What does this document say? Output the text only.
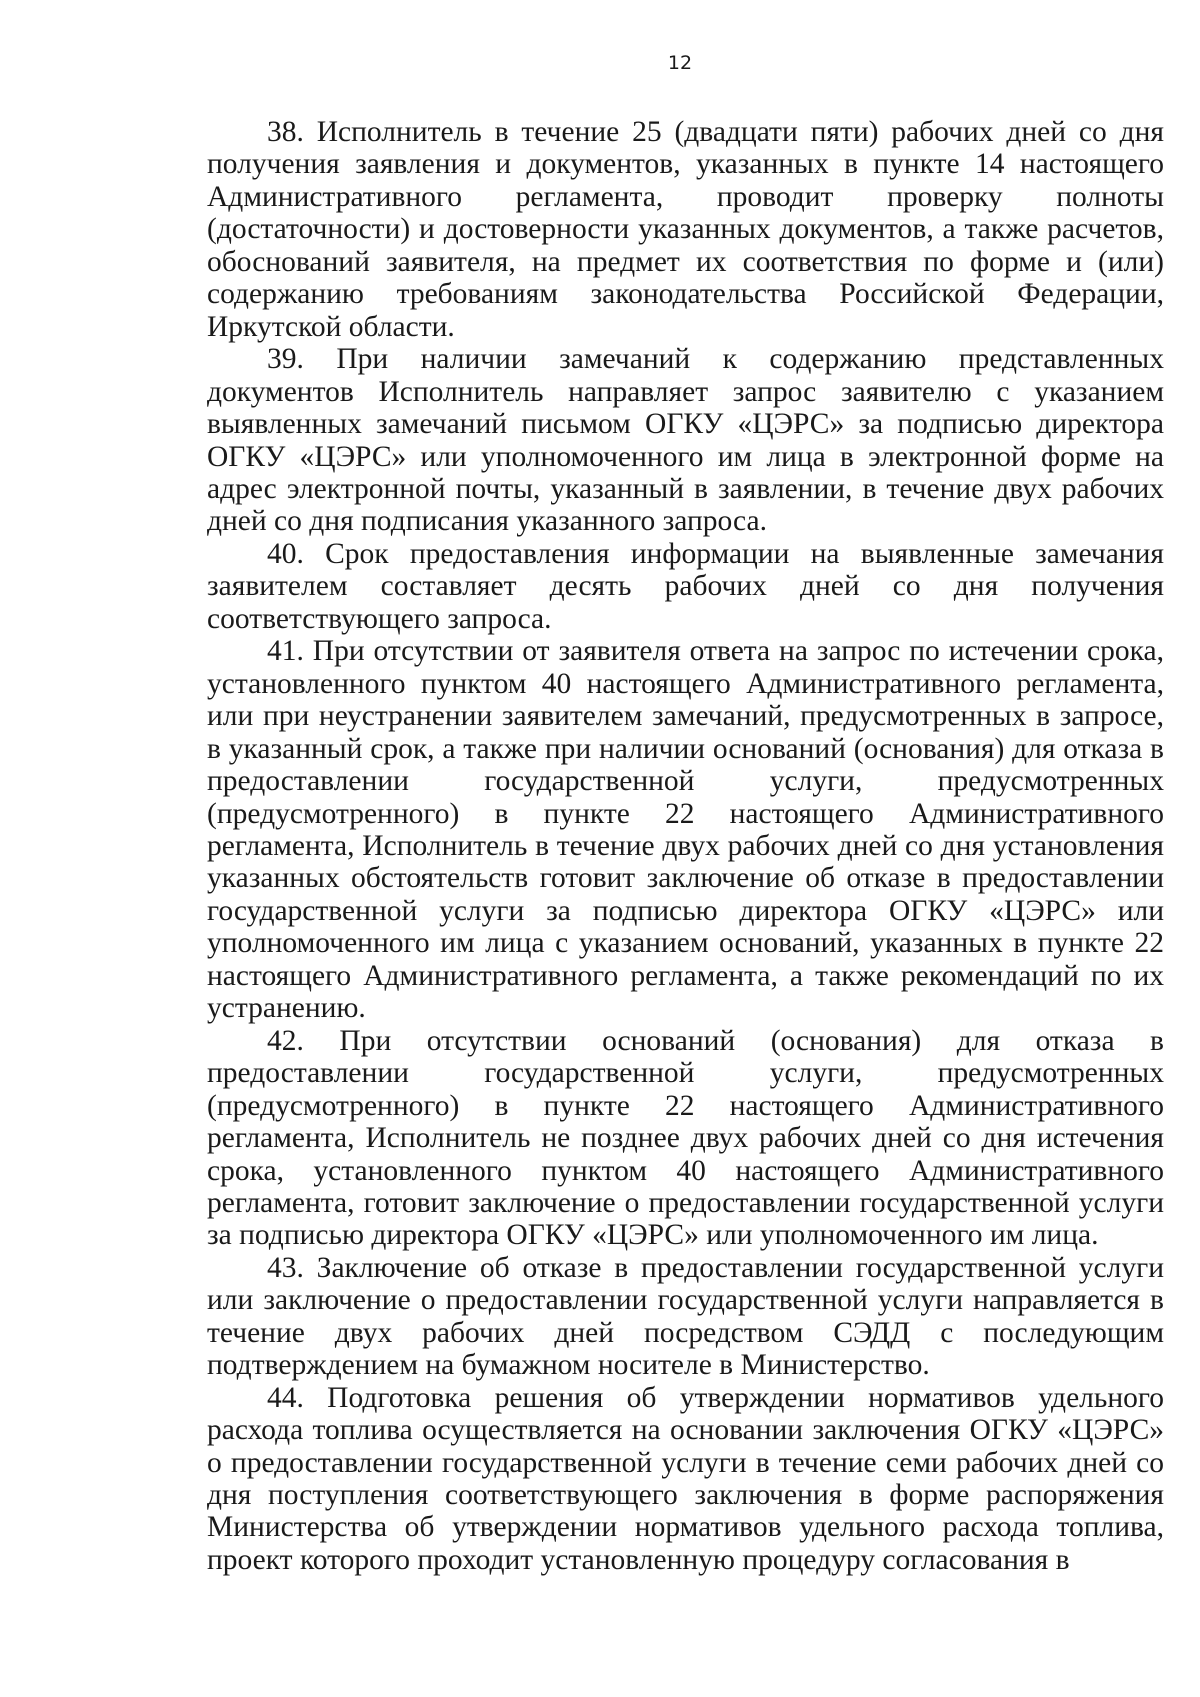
12

38. Исполнитель в течение 25 (двадцати пяти) рабочих дней со дня получения заявления и документов, указанных в пункте 14 настоящего Административного регламента, проводит проверку полноты (достаточности) и достоверности указанных документов, а также расчетов, обоснований заявителя, на предмет их соответствия по форме и (или) содержанию требованиям законодательства Российской Федерации, Иркутской области.

39. При наличии замечаний к содержанию представленных документов Исполнитель направляет запрос заявителю с указанием выявленных замечаний письмом ОГКУ «ЦЭРС» за подписью директора ОГКУ «ЦЭРС» или уполномоченного им лица в электронной форме на адрес электронной почты, указанный в заявлении, в течение двух рабочих дней со дня подписания указанного запроса.

40. Срок предоставления информации на выявленные замечания заявителем составляет десять рабочих дней со дня получения соответствующего запроса.

41. При отсутствии от заявителя ответа на запрос по истечении срока, установленного пунктом 40 настоящего Административного регламента, или при неустранении заявителем замечаний, предусмотренных в запросе, в указанный срок, а также при наличии оснований (основания) для отказа в предоставлении государственной услуги, предусмотренных (предусмотренного) в пункте 22 настоящего Административного регламента, Исполнитель в течение двух рабочих дней со дня установления указанных обстоятельств готовит заключение об отказе в предоставлении государственной услуги за подписью директора ОГКУ «ЦЭРС» или уполномоченного им лица с указанием оснований, указанных в пункте 22 настоящего Административного регламента, а также рекомендаций по их устранению.

42. При отсутствии оснований (основания) для отказа в предоставлении государственной услуги, предусмотренных (предусмотренного) в пункте 22 настоящего Административного регламента, Исполнитель не позднее двух рабочих дней со дня истечения срока, установленного пунктом 40 настоящего Административного регламента, готовит заключение о предоставлении государственной услуги за подписью директора ОГКУ «ЦЭРС» или уполномоченного им лица.

43. Заключение об отказе в предоставлении государственной услуги или заключение о предоставлении государственной услуги направляется в течение двух рабочих дней посредством СЭДД с последующим подтверждением на бумажном носителе в Министерство.

44. Подготовка решения об утверждении нормативов удельного расхода топлива осуществляется на основании заключения ОГКУ «ЦЭРС» о предоставлении государственной услуги в течение семи рабочих дней со дня поступления соответствующего заключения в форме распоряжения Министерства об утверждении нормативов удельного расхода топлива, проект которого проходит установленную процедуру согласования в
